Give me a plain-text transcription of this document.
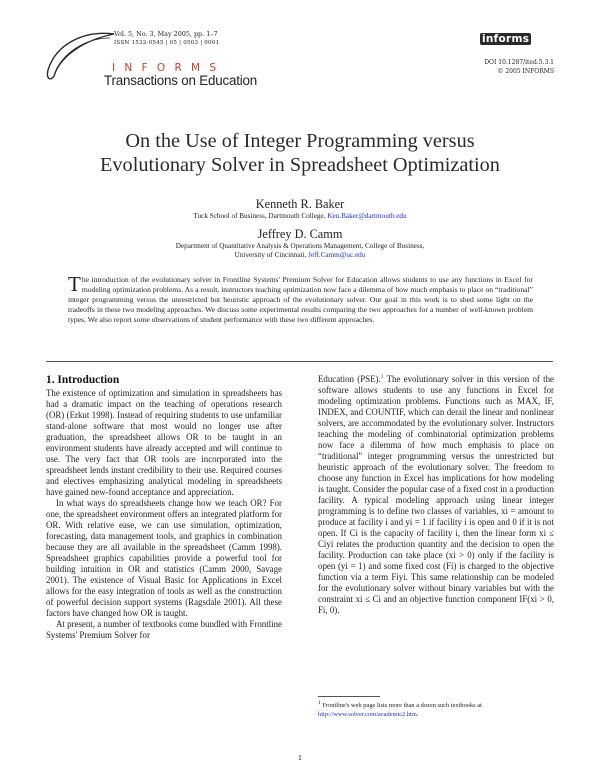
Vol. 5, No. 3, May 2005, pp. 1–7
ISSN 1532-0545 | 05 | 0503 | 0001
INFORMS
Transactions on Education
informs
DOI 10.1287/ited.5.3.1
© 2005 INFORMS
On the Use of Integer Programming versus
Evolutionary Solver in Spreadsheet Optimization
Kenneth R. Baker
Tuck School of Business, Dartmouth College, Ken.Baker@dartmouth.edu
Jeffrey D. Camm
Department of Quantitative Analysis & Operations Management, College of Business,
University of Cincinnati, Jeff.Camm@uc.edu
The introduction of the evolutionary solver in Frontline Systems' Premium Solver for Education allows students to use any functions in Excel for modeling optimization problems. As a result, instructors teaching optimization now face a dilemma of how much emphasis to place on “traditional” integer programming versus the unrestricted but heuristic approach of the evolutionary solver. Our goal in this work is to shed some light on the tradeoffs in these two modeling approaches. We discuss some experimental results comparing the two approaches for a number of well-known problem types. We also report some observations of student performance with these two different approaches.
1. Introduction

The existence of optimization and simulation in spreadsheets has had a dramatic impact on the teaching of operations research (OR) (Erkut 1998). Instead of requiring students to use unfamiliar stand-alone software that most would no longer use after graduation, the spreadsheet allows OR to be taught in an environment students have already accepted and will continue to use. The very fact that OR tools are incorporated into the spreadsheet lends instant credibility to their use. Required courses and electives emphasizing analytical modeling in spreadsheets have gained new-found acceptance and appreciation.

In what ways do spreadsheets change how we teach OR? For one, the spreadsheet environment offers an integrated platform for OR. With relative ease, we can use simulation, optimization, forecasting, data management tools, and graphics in combination because they are all available in the spreadsheet (Camm 1998). Spreadsheet graphics capabilities provide a powerful tool for building intuition in OR and statistics (Camm 2000, Savage 2001). The existence of Visual Basic for Applications in Excel allows for the easy integration of tools as well as the construction of powerful decision support systems (Ragsdale 2001). All these factors have changed how OR is taught.

At present, a number of textbooks come bundled with Frontline Systems' Premium Solver for

Education (PSE).$^1$ The evolutionary solver in this version of the software allows students to use any functions in Excel for modeling optimization problems. Functions such as MAX, IF, INDEX, and COUNTIF, which can derail the linear and nonlinear solvers, are accommodated by the evolutionary solver. Instructors teaching the modeling of combinatorial optimization problems now face a dilemma of how much emphasis to place on “traditional” integer programming versus the unrestricted but heuristic approach of the evolutionary solver. The freedom to choose any function in Excel has implications for how modeling is taught. Consider the popular case of a fixed cost in a production facility. A typical modeling approach using linear integer programming is to define two classes of variables, xi = amount to produce at facility i and yi = 1 if facility i is open and 0 if it is not open. If Ci is the capacity of facility i, then the linear form xi ≤ Ciyi relates the production quantity and the decision to open the facility. Production can take place (xi > 0) only if the facility is open (yi = 1) and some fixed cost (Fi) is charged to the objective function via a term Fiyi. This same relationship can be modeled for the evolutionary solver without binary variables but with the constraint xi ≤ Ci and an objective function component IF(xi > 0, Fi, 0).

$^1$ Frontline's web page lists more than a dozen such textbooks at http://www.solver.com/academic2.htm.
1
